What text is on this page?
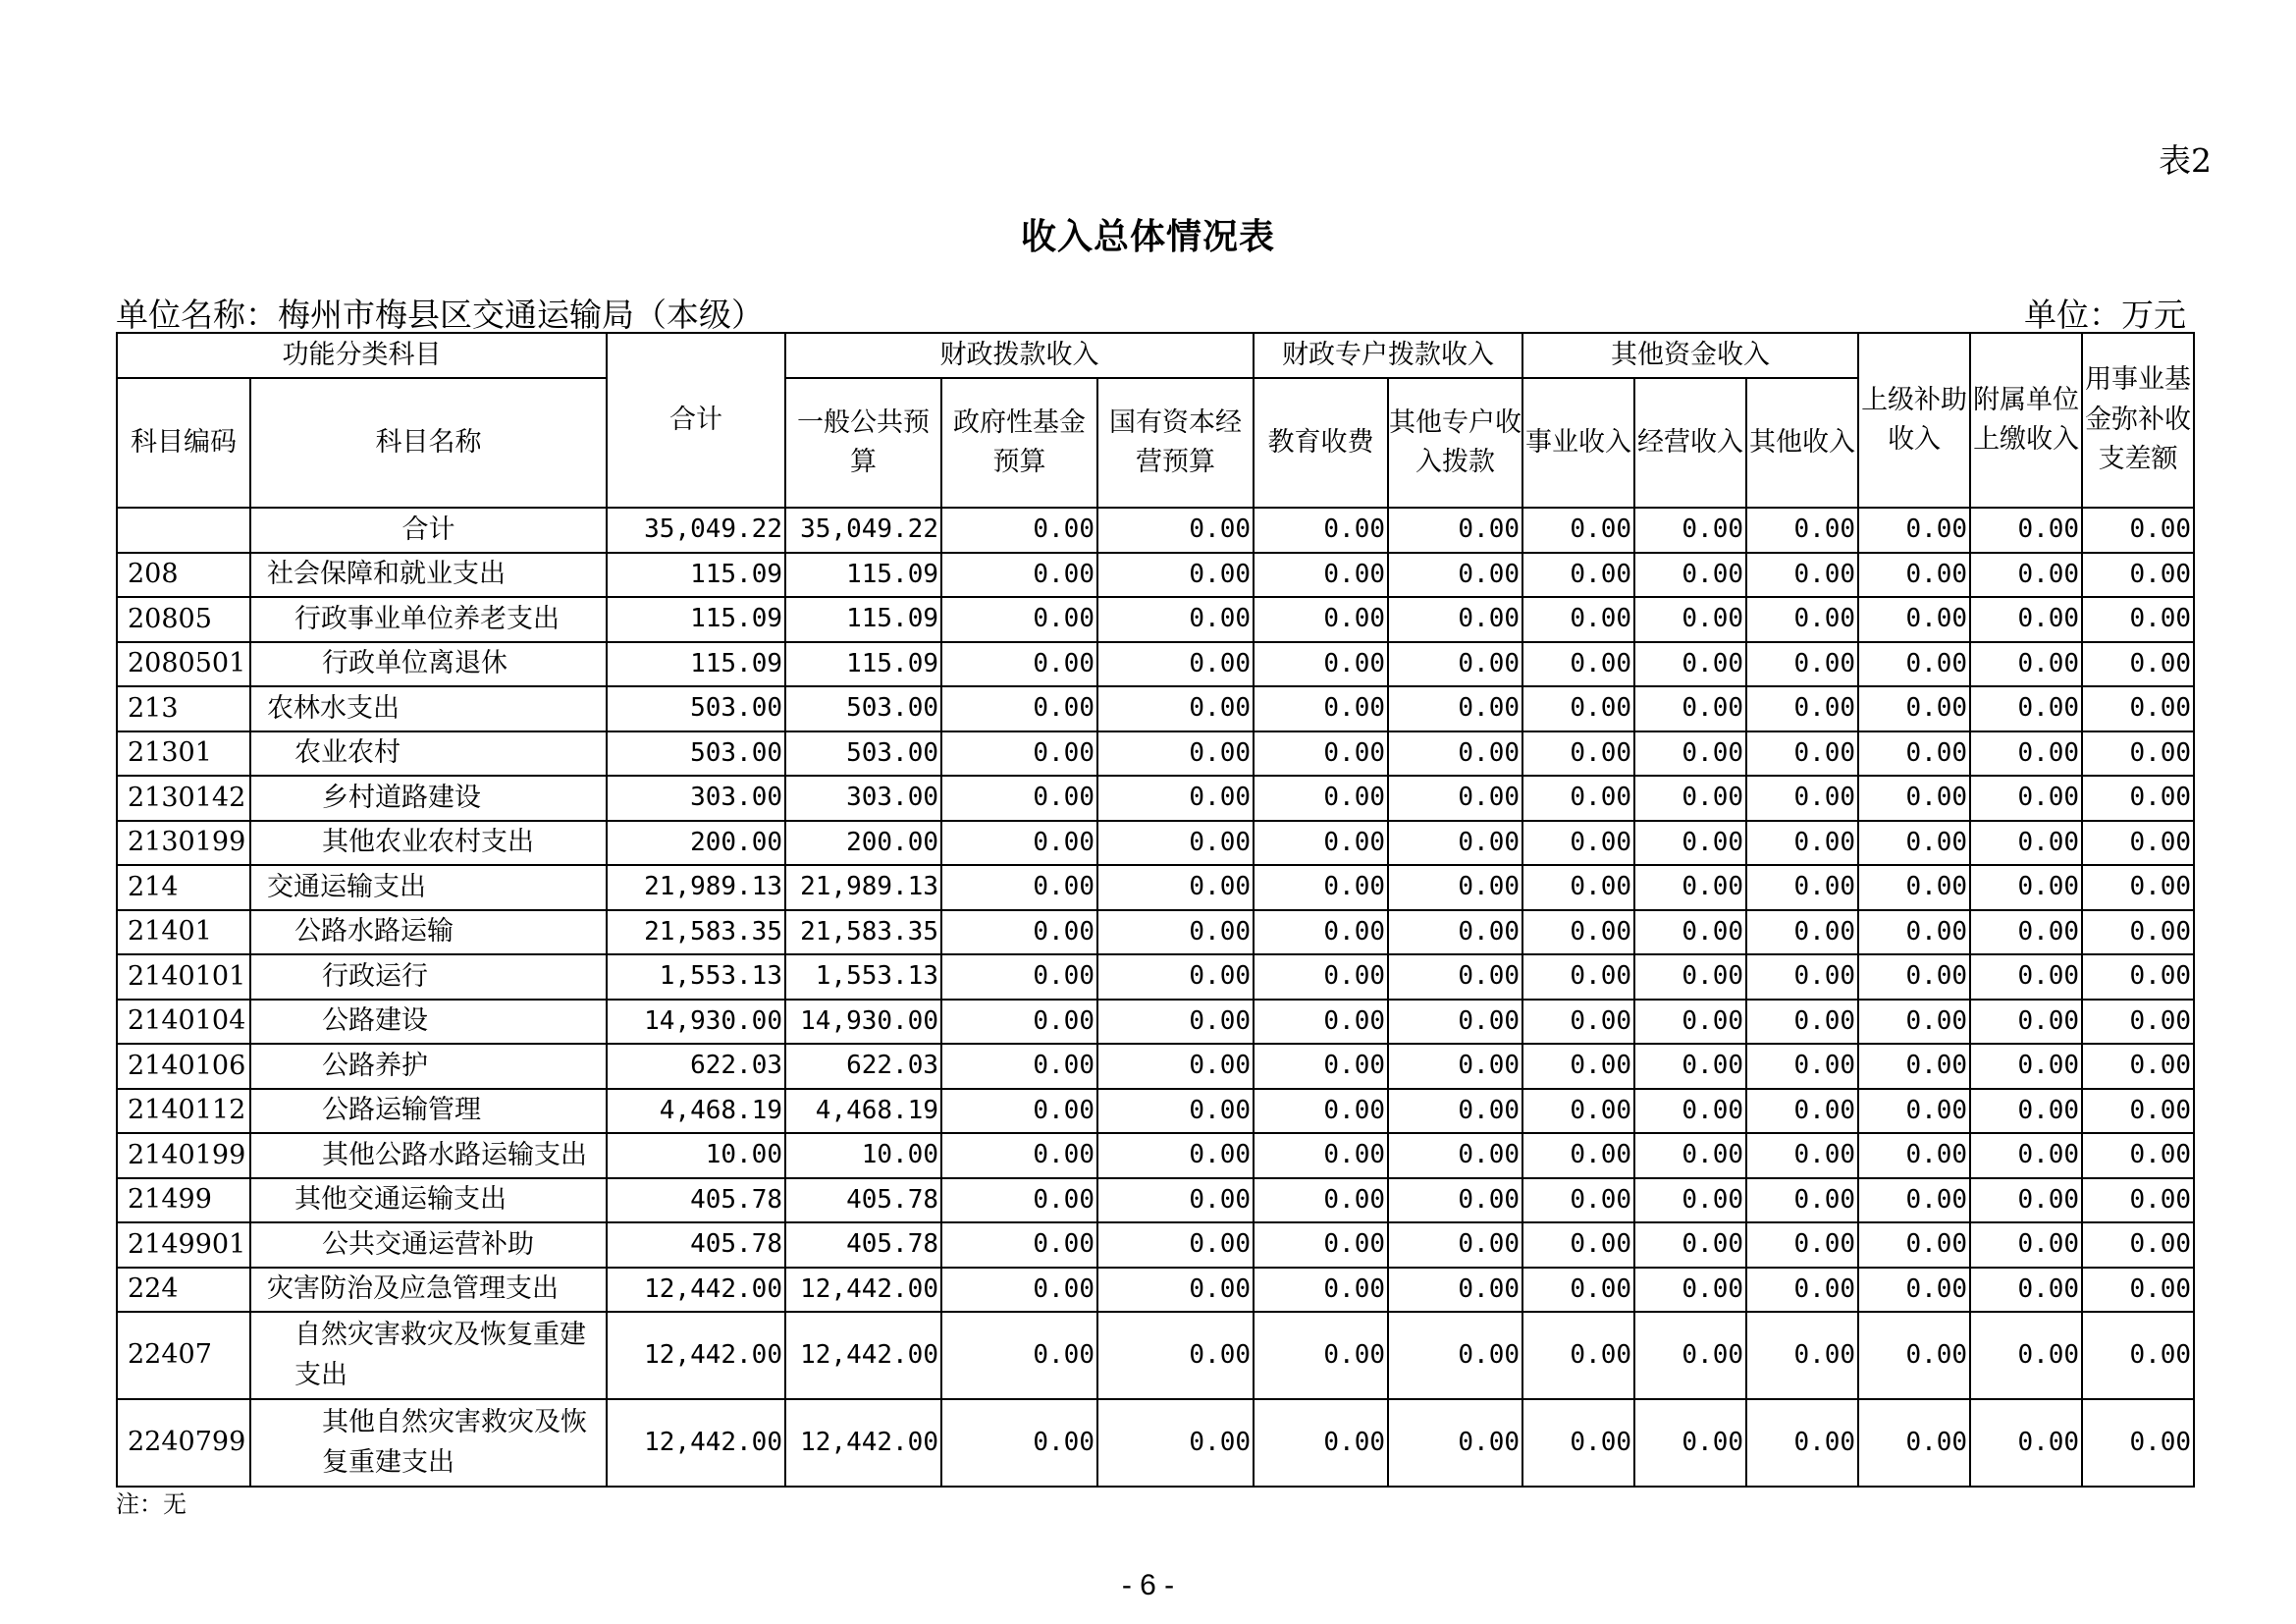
表2
收入总体情况表
单位名称：梅州市梅县区交通运输局（本级）	单位：万元
功能分类科目		合计	财政拨款收入			财政专户拨款收入		其他资金收入			上级补助收入	附属单位上缴收入	用事业基金弥补收支差额
科目编码	科目名称		一般公共预算	政府性基金预算	国有资本经营预算	教育收费	其他专户收入拨款	事业收入	经营收入	其他收入			
	合计	35,049.22	35,049.22	0.00	0.00	0.00	0.00	0.00	0.00	0.00	0.00	0.00	0.00
208	社会保障和就业支出	115.09	115.09	0.00	0.00	0.00	0.00	0.00	0.00	0.00	0.00	0.00	0.00
20805	行政事业单位养老支出	115.09	115.09	0.00	0.00	0.00	0.00	0.00	0.00	0.00	0.00	0.00	0.00
2080501	行政单位离退休	115.09	115.09	0.00	0.00	0.00	0.00	0.00	0.00	0.00	0.00	0.00	0.00
213	农林水支出	503.00	503.00	0.00	0.00	0.00	0.00	0.00	0.00	0.00	0.00	0.00	0.00
21301	农业农村	503.00	503.00	0.00	0.00	0.00	0.00	0.00	0.00	0.00	0.00	0.00	0.00
2130142	乡村道路建设	303.00	303.00	0.00	0.00	0.00	0.00	0.00	0.00	0.00	0.00	0.00	0.00
2130199	其他农业农村支出	200.00	200.00	0.00	0.00	0.00	0.00	0.00	0.00	0.00	0.00	0.00	0.00
214	交通运输支出	21,989.13	21,989.13	0.00	0.00	0.00	0.00	0.00	0.00	0.00	0.00	0.00	0.00
21401	公路水路运输	21,583.35	21,583.35	0.00	0.00	0.00	0.00	0.00	0.00	0.00	0.00	0.00	0.00
2140101	行政运行	1,553.13	1,553.13	0.00	0.00	0.00	0.00	0.00	0.00	0.00	0.00	0.00	0.00
2140104	公路建设	14,930.00	14,930.00	0.00	0.00	0.00	0.00	0.00	0.00	0.00	0.00	0.00	0.00
2140106	公路养护	622.03	622.03	0.00	0.00	0.00	0.00	0.00	0.00	0.00	0.00	0.00	0.00
2140112	公路运输管理	4,468.19	4,468.19	0.00	0.00	0.00	0.00	0.00	0.00	0.00	0.00	0.00	0.00
2140199	其他公路水路运输支出	10.00	10.00	0.00	0.00	0.00	0.00	0.00	0.00	0.00	0.00	0.00	0.00
21499	其他交通运输支出	405.78	405.78	0.00	0.00	0.00	0.00	0.00	0.00	0.00	0.00	0.00	0.00
2149901	公共交通运营补助	405.78	405.78	0.00	0.00	0.00	0.00	0.00	0.00	0.00	0.00	0.00	0.00
224	灾害防治及应急管理支出	12,442.00	12,442.00	0.00	0.00	0.00	0.00	0.00	0.00	0.00	0.00	0.00	0.00
22407	自然灾害救灾及恢复重建支出	12,442.00	12,442.00	0.00	0.00	0.00	0.00	0.00	0.00	0.00	0.00	0.00	0.00
2240799	其他自然灾害救灾及恢复重建支出	12,442.00	12,442.00	0.00	0.00	0.00	0.00	0.00	0.00	0.00	0.00	0.00	0.00
注：无
- 6 -
